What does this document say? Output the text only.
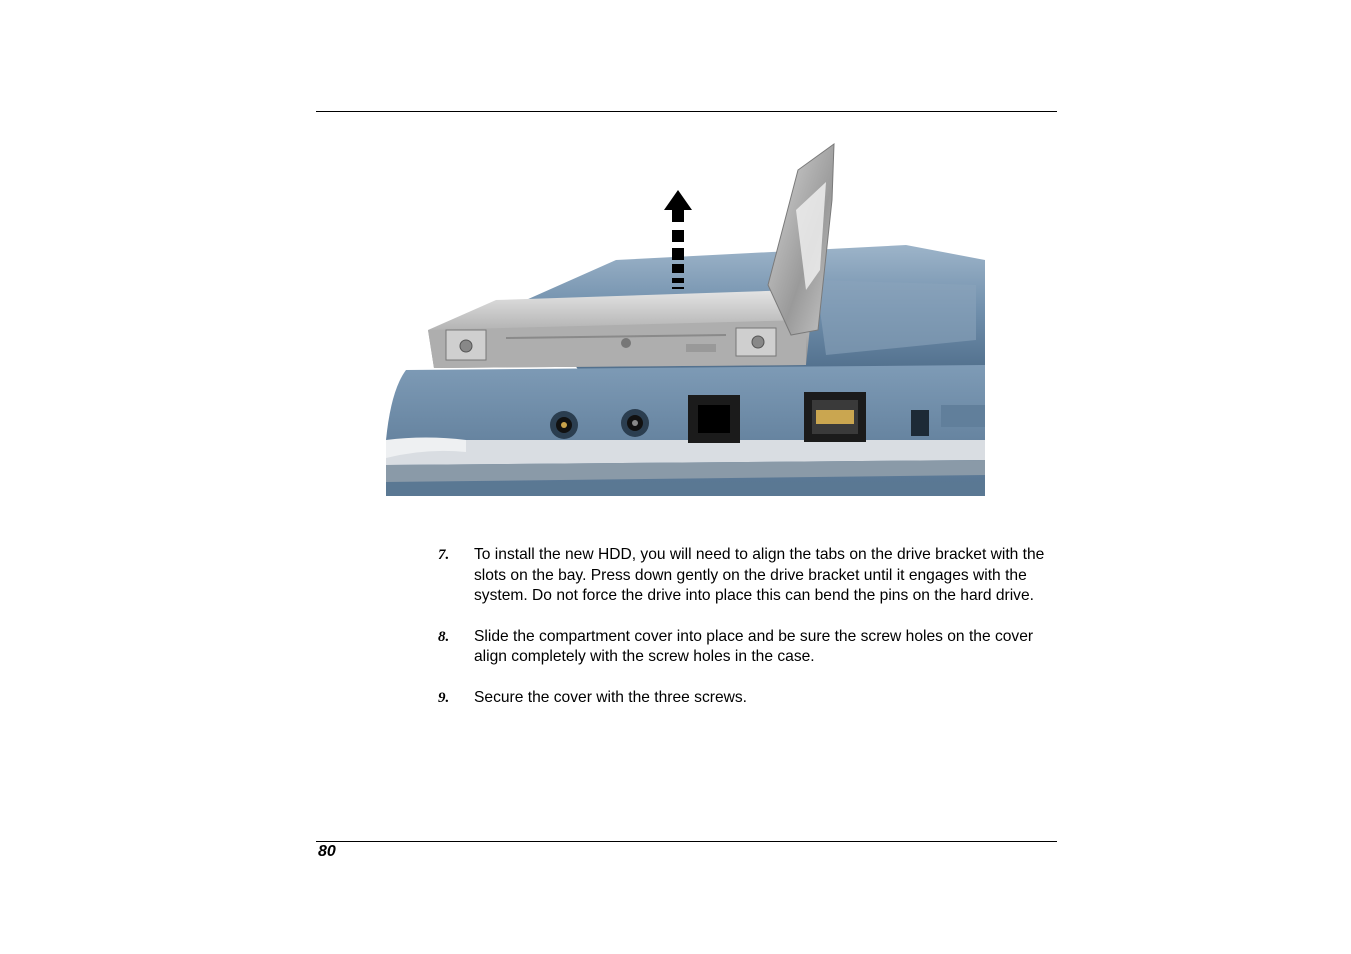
7.	To install the new HDD, you will need to align the tabs on the drive bracket with the slots on the bay. Press down gently on the drive bracket until it engages with the system. Do not force the drive into place this can bend the pins on the hard drive.
8.	Slide the compartment cover into place and be sure the screw holes on the cover align completely with the screw holes in the case.
9.	Secure the cover with the three screws.
80
